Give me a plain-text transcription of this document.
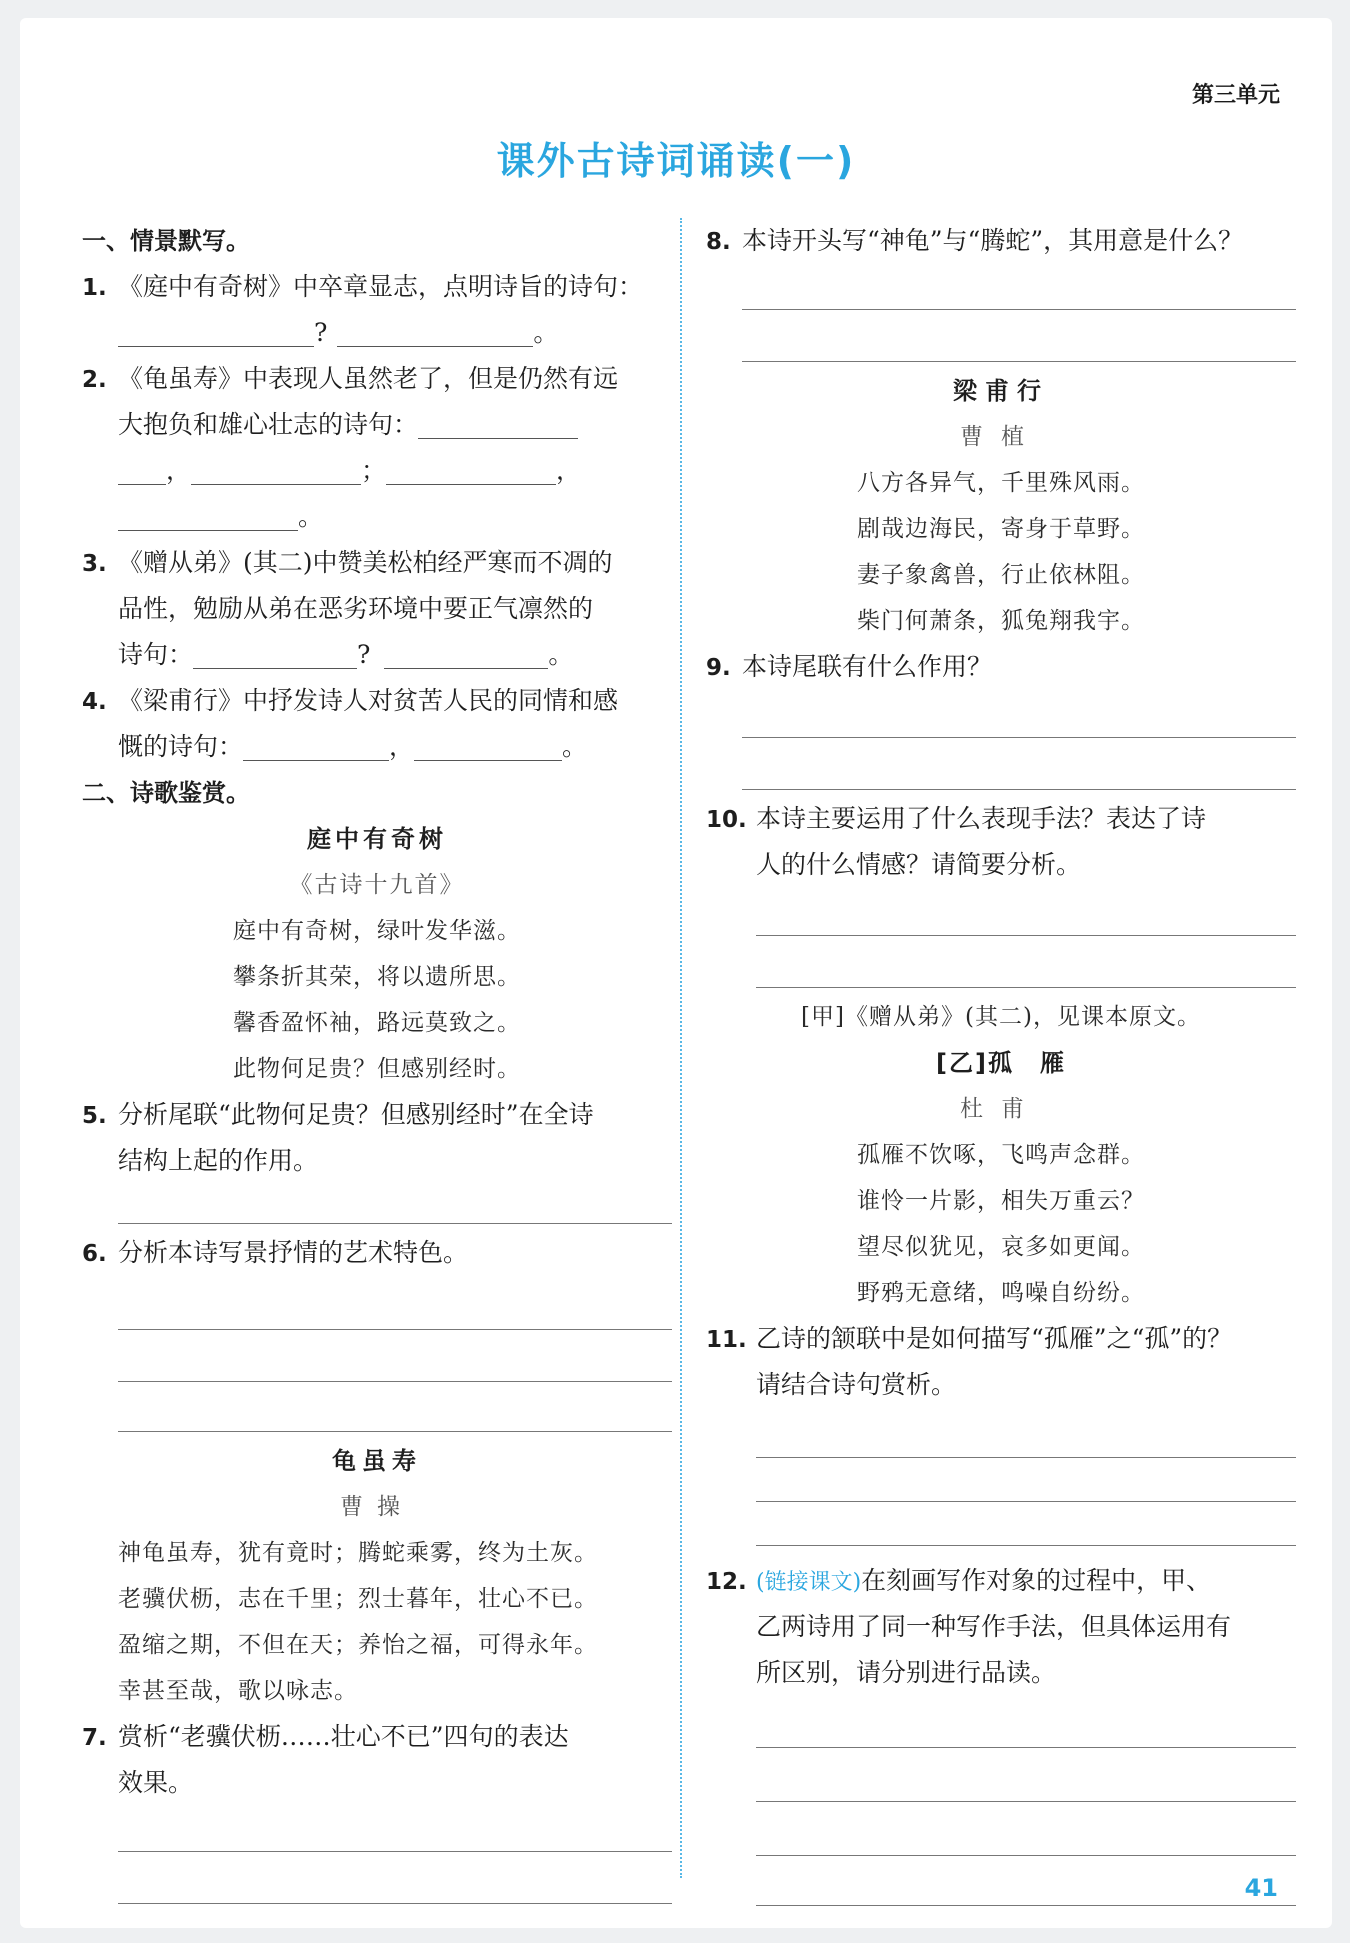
第三单元
课外古诗词诵读(一)
一、情景默写。
1. 《庭中有奇树》中卒章显志，点明诗旨的诗句：
?	。
2. 《龟虽寿》中表现人虽然老了，但是仍然有远
大抱负和雄心壮志的诗句：
，	；	，
。
3. 《赠从弟》(其二)中赞美松柏经严寒而不凋的
品性，勉励从弟在恶劣环境中要正气凛然的
诗句：	?	。
4. 《梁甫行》中抒发诗人对贫苦人民的同情和感
慨的诗句：	，	。
二、诗歌鉴赏。
庭中有奇树
《古诗十九首》
庭中有奇树，绿叶发华滋。
攀条折其荣，将以遗所思。
馨香盈怀袖，路远莫致之。
此物何足贵？但感别经时。
5. 分析尾联“此物何足贵？但感别经时”在全诗
结构上起的作用。
6. 分析本诗写景抒情的艺术特色。
龟虽寿
曹操
神龟虽寿，犹有竟时；腾蛇乘雾，终为土灰。
老骥伏枥，志在千里；烈士暮年，壮心不已。
盈缩之期，不但在天；养怡之福，可得永年。
幸甚至哉，歌以咏志。
7. 赏析“老骥伏枥……壮心不已”四句的表达
效果。
8. 本诗开头写“神龟”与“腾蛇”，其用意是什么？
梁甫行
曹植
八方各异气，千里殊风雨。
剧哉边海民，寄身于草野。
妻子象禽兽，行止依林阻。
柴门何萧条，狐兔翔我宇。
9. 本诗尾联有什么作用？
10. 本诗主要运用了什么表现手法？表达了诗
人的什么情感？请简要分析。
[甲]《赠从弟》(其二)，见课本原文。
[乙]孤　雁
杜甫
孤雁不饮啄，飞鸣声念群。
谁怜一片影，相失万重云？
望尽似犹见，哀多如更闻。
野鸦无意绪，鸣噪自纷纷。
11. 乙诗的颔联中是如何描写“孤雁”之“孤”的？
请结合诗句赏析。
12. (链接课文)在刻画写作对象的过程中，甲、
乙两诗用了同一种写作手法，但具体运用有
所区别，请分别进行品读。
41
